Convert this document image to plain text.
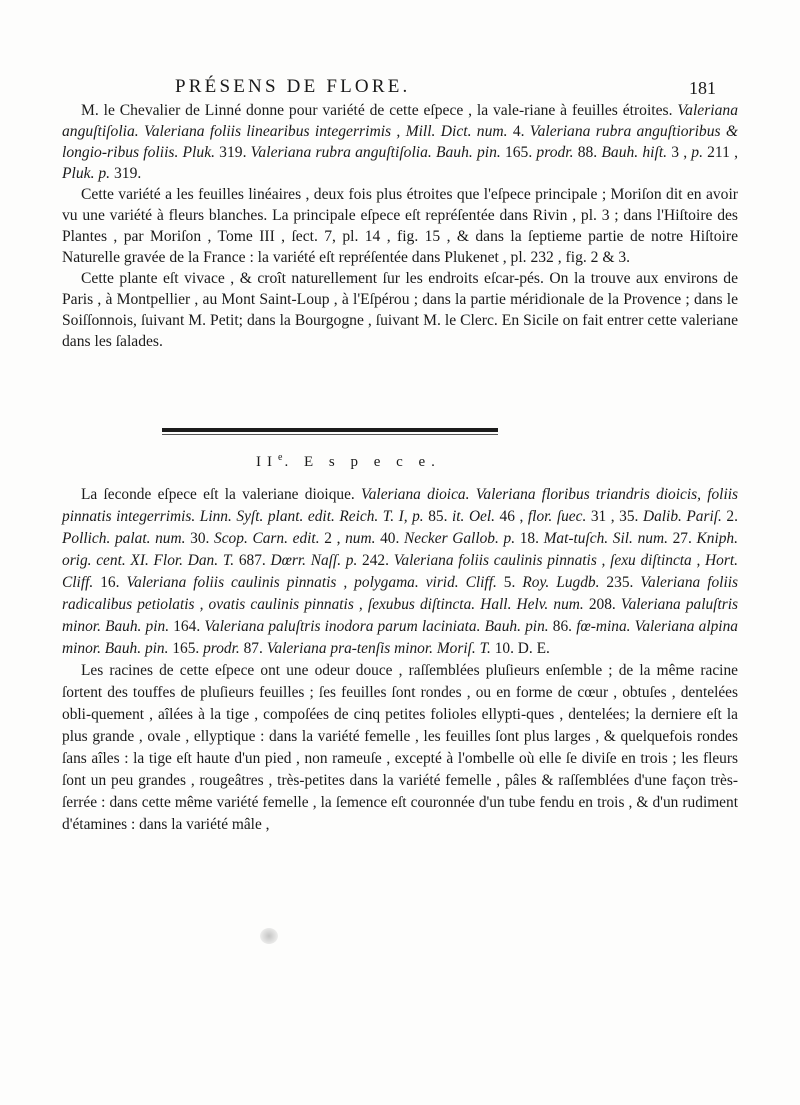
PRÉSENS DE FLORE.	181

M. le Chevalier de Linné donne pour variété de cette eſpece , la vale-riane à feuilles étroites. Valeriana anguſtiſolia. Valeriana foliis linearibus integerrimis , Mill. Dict. num. 4. Valeriana rubra anguſtioribus & longio-ribus foliis. Pluk. 319. Valeriana rubra anguſtiſolia. Bauh. pin. 165. prodr. 88. Bauh. hiſt. 3 , p. 211 , Pluk. p. 319.

Cette variété a les feuilles linéaires , deux fois plus étroites que l'eſpece principale ; Moriſon dit en avoir vu une variété à fleurs blanches. La principale eſpece eſt repréſentée dans Rivin , pl. 3 ; dans l'Hiſtoire des Plantes , par Moriſon , Tome III , ſect. 7, pl. 14 , fig. 15 , & dans la ſeptieme partie de notre Hiſtoire Naturelle gravée de la France : la variété eſt repréſentée dans Plukenet , pl. 232 , fig. 2 & 3.

Cette plante eſt vivace , & croît naturellement ſur les endroits eſcar-pés. On la trouve aux environs de Paris , à Montpellier , au Mont Saint-Loup , à l'Eſpérou ; dans la partie méridionale de la Provence ; dans le Soiſſonnois, ſuivant M. Petit; dans la Bourgogne , ſuivant M. le Clerc. En Sicile on fait entrer cette valeriane dans les ſalades.

IIe. E s p e c e.

La ſeconde eſpece eſt la valeriane dioique. Valeriana dioica. Valeriana floribus triandris dioicis, foliis pinnatis integerrimis. Linn. Syſt. plant. edit. Reich. T. I, p. 85. it. Oel. 46 , flor. ſuec. 31 , 35. Dalib. Pariſ. 2. Pollich. palat. num. 30. Scop. Carn. edit. 2 , num. 40. Necker Gallob. p. 18. Mat-tuſch. Sil. num. 27. Kniph. orig. cent. XI. Flor. Dan. T. 687. Dœrr. Naſſ. p. 242. Valeriana foliis caulinis pinnatis , ſexu diſtincta , Hort. Cliff. 16. Valeriana foliis caulinis pinnatis , polygama. virid. Cliff. 5. Roy. Lugdb. 235. Valeriana foliis radicalibus petiolatis , ovatis caulinis pinnatis , ſexubus diſtincta. Hall. Helv. num. 208. Valeriana paluſtris minor. Bauh. pin. 164. Valeriana paluſtris inodora parum laciniata. Bauh. pin. 86. fœ-mina. Valeriana alpina minor. Bauh. pin. 165. prodr. 87. Valeriana pra-tenſis minor. Moriſ. T. 10. D. E.

Les racines de cette eſpece ont une odeur douce , raſſemblées pluſieurs enſemble ; de la même racine ſortent des touffes de pluſieurs feuilles ; ſes feuilles ſont rondes , ou en forme de cœur , obtuſes , dentelées obli-quement , aîlées à la tige , compoſées de cinq petites folioles ellypti-ques , dentelées; la derniere eſt la plus grande , ovale , ellyptique : dans la variété femelle , les feuilles ſont plus larges , & quelquefois rondes ſans aîles : la tige eſt haute d'un pied , non rameuſe , excepté à l'ombelle où elle ſe diviſe en trois ; les fleurs ſont un peu grandes , rougeâtres , très-petites dans la variété femelle , pâles & raſſemblées d'une façon très-ſerrée : dans cette même variété femelle , la ſemence eſt couronnée d'un tube fendu en trois , & d'un rudiment d'étamines : dans la variété mâle ,
